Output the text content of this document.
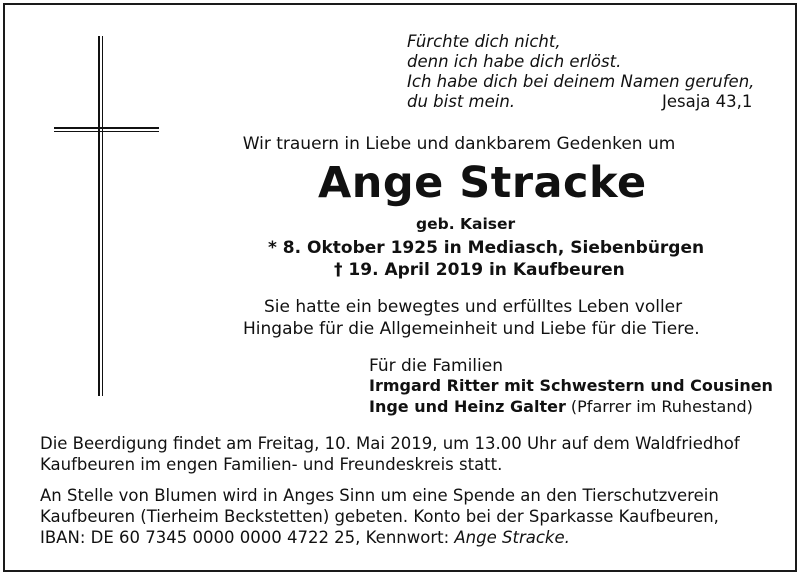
Fürchte dich nicht,
denn ich habe dich erlöst.
Ich habe dich bei deinem Namen gerufen,
du bist mein.	Jesaja 43,1
Wir trauern in Liebe und dankbarem Gedenken um
Ange Stracke
geb. Kaiser
* 8. Oktober 1925 in Mediasch, Siebenbürgen
† 19. April 2019 in Kaufbeuren
Sie hatte ein bewegtes und erfülltes Leben voller
Hingabe für die Allgemeinheit und Liebe für die Tiere.
Für die Familien
Irmgard Ritter mit Schwestern und Cousinen
Inge und Heinz Galter (Pfarrer im Ruhestand)
Die Beerdigung findet am Freitag, 10. Mai 2019, um 13.00 Uhr auf dem Waldfriedhof
Kaufbeuren im engen Familien- und Freundeskreis statt.
An Stelle von Blumen wird in Anges Sinn um eine Spende an den Tierschutzverein
Kaufbeuren (Tierheim Beckstetten) gebeten. Konto bei der Sparkasse Kaufbeuren,
IBAN: DE 60 7345 0000 0000 4722 25, Kennwort: Ange Stracke.
